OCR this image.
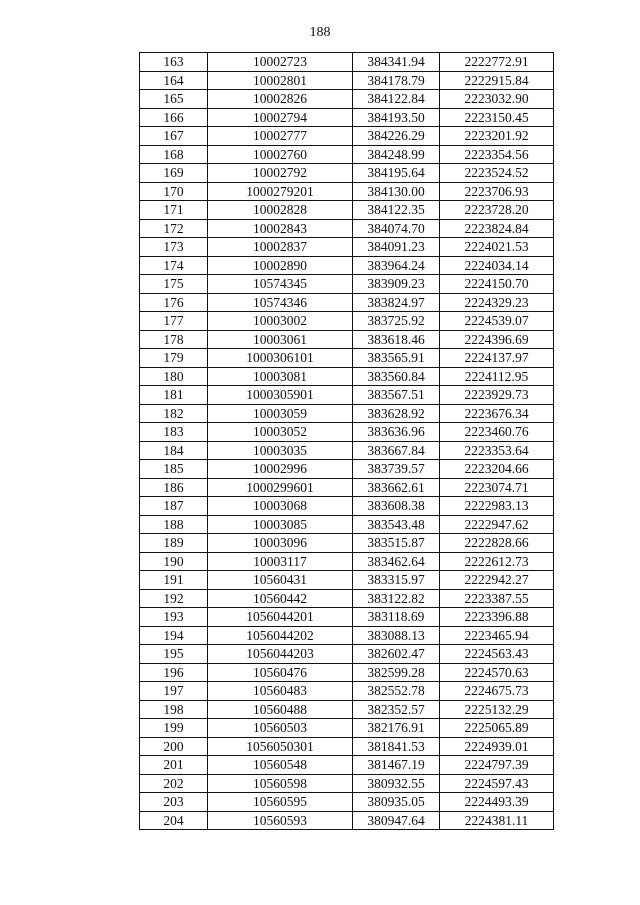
188
163	10002723	384341.94	2222772.91
164	10002801	384178.79	2222915.84
165	10002826	384122.84	2223032.90
166	10002794	384193.50	2223150.45
167	10002777	384226.29	2223201.92
168	10002760	384248.99	2223354.56
169	10002792	384195.64	2223524.52
170	1000279201	384130.00	2223706.93
171	10002828	384122.35	2223728.20
172	10002843	384074.70	2223824.84
173	10002837	384091.23	2224021.53
174	10002890	383964.24	2224034.14
175	10574345	383909.23	2224150.70
176	10574346	383824.97	2224329.23
177	10003002	383725.92	2224539.07
178	10003061	383618.46	2224396.69
179	1000306101	383565.91	2224137.97
180	10003081	383560.84	2224112.95
181	1000305901	383567.51	2223929.73
182	10003059	383628.92	2223676.34
183	10003052	383636.96	2223460.76
184	10003035	383667.84	2223353.64
185	10002996	383739.57	2223204.66
186	1000299601	383662.61	2223074.71
187	10003068	383608.38	2222983.13
188	10003085	383543.48	2222947.62
189	10003096	383515.87	2222828.66
190	10003117	383462.64	2222612.73
191	10560431	383315.97	2222942.27
192	10560442	383122.82	2223387.55
193	1056044201	383118.69	2223396.88
194	1056044202	383088.13	2223465.94
195	1056044203	382602.47	2224563.43
196	10560476	382599.28	2224570.63
197	10560483	382552.78	2224675.73
198	10560488	382352.57	2225132.29
199	10560503	382176.91	2225065.89
200	1056050301	381841.53	2224939.01
201	10560548	381467.19	2224797.39
202	10560598	380932.55	2224597.43
203	10560595	380935.05	2224493.39
204	10560593	380947.64	2224381.11
